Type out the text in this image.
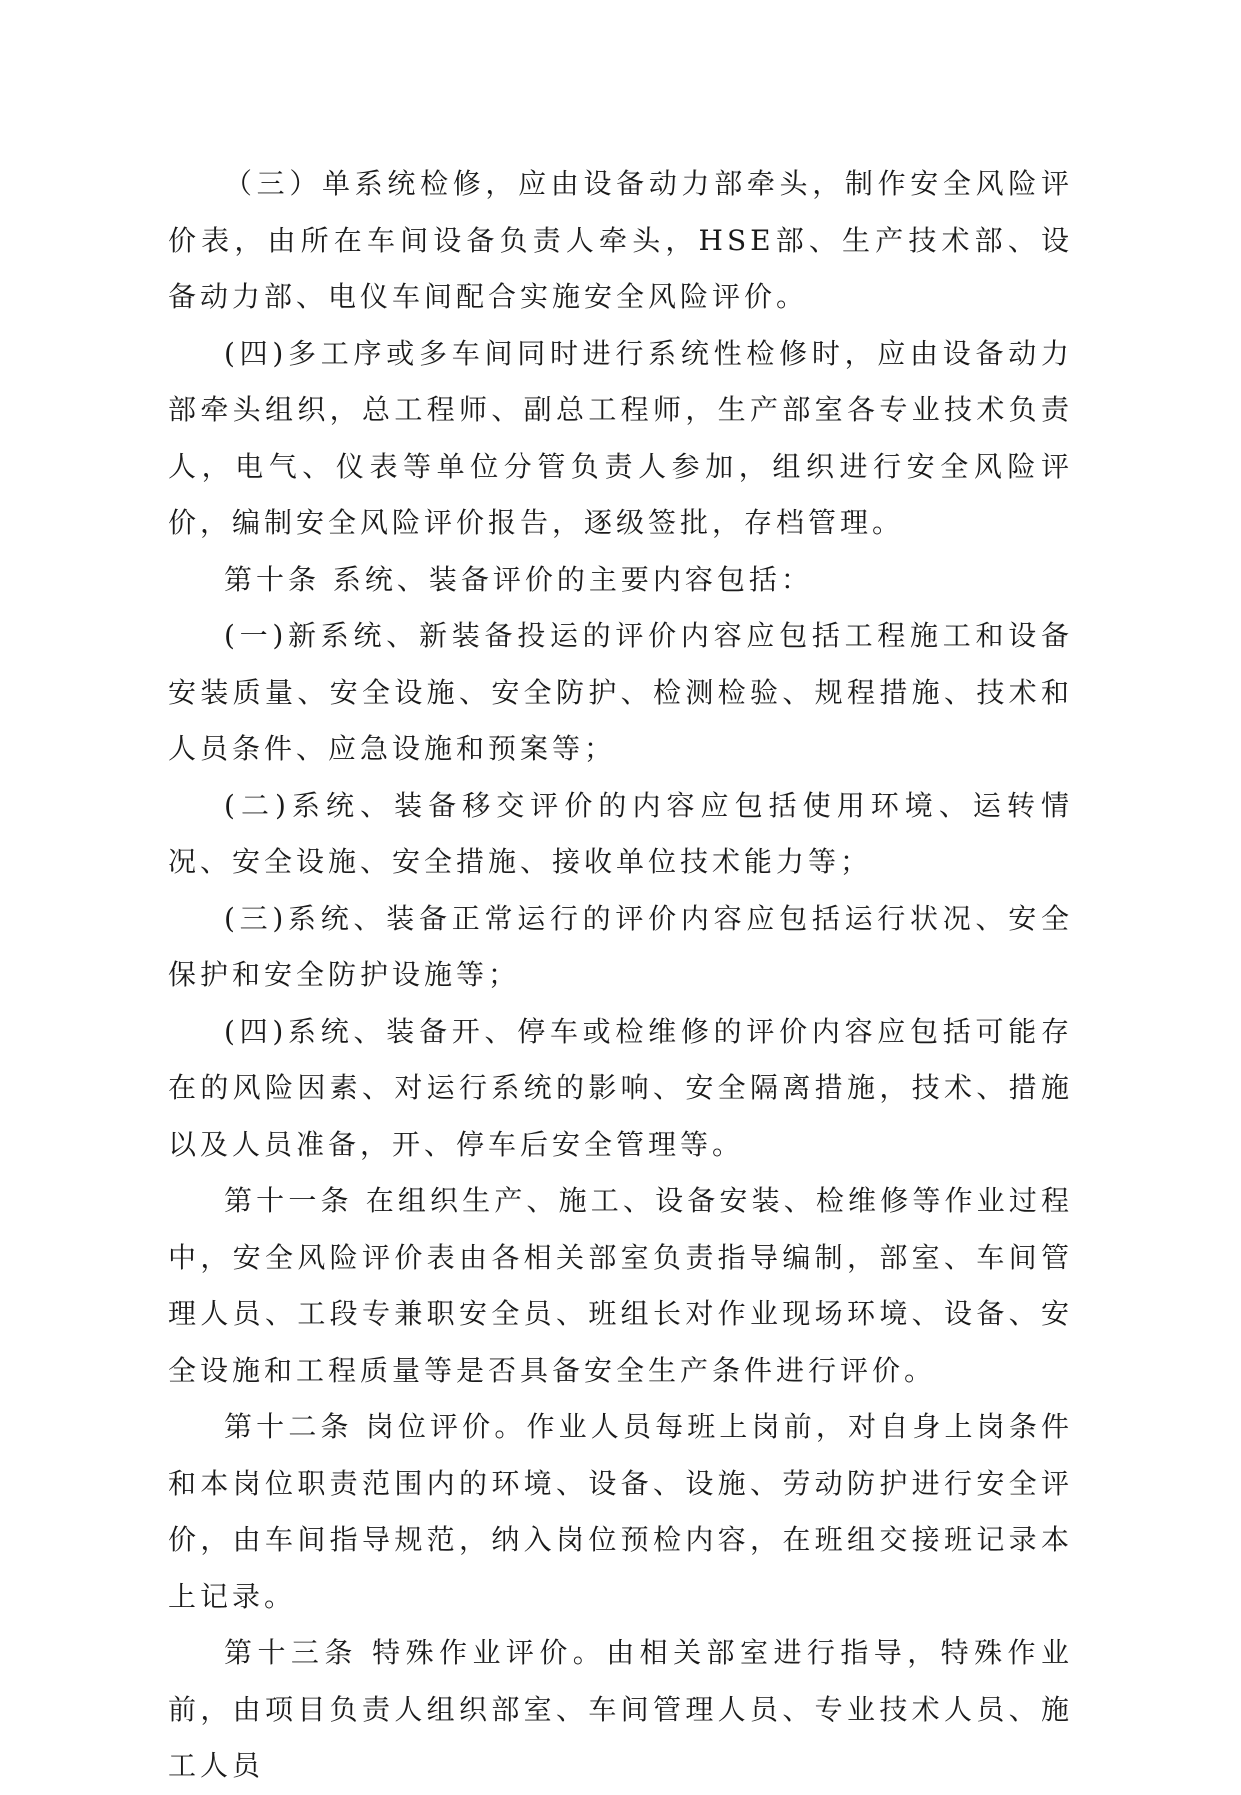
（三）单系统检修，应由设备动力部牵头，制作安全风险评价表，由所在车间设备负责人牵头，HSE部、生产技术部、设备动力部、电仪车间配合实施安全风险评价。

(四)多工序或多车间同时进行系统性检修时，应由设备动力部牵头组织，总工程师、副总工程师，生产部室各专业技术负责人，电气、仪表等单位分管负责人参加，组织进行安全风险评价，编制安全风险评价报告，逐级签批，存档管理。

第十条 系统、装备评价的主要内容包括：

(一)新系统、新装备投运的评价内容应包括工程施工和设备安装质量、安全设施、安全防护、检测检验、规程措施、技术和人员条件、应急设施和预案等；

(二)系统、装备移交评价的内容应包括使用环境、运转情况、安全设施、安全措施、接收单位技术能力等；

(三)系统、装备正常运行的评价内容应包括运行状况、安全保护和安全防护设施等；

(四)系统、装备开、停车或检维修的评价内容应包括可能存在的风险因素、对运行系统的影响、安全隔离措施，技术、措施以及人员准备，开、停车后安全管理等。

第十一条 在组织生产、施工、设备安装、检维修等作业过程中，安全风险评价表由各相关部室负责指导编制，部室、车间管理人员、工段专兼职安全员、班组长对作业现场环境、设备、安全设施和工程质量等是否具备安全生产条件进行评价。

第十二条 岗位评价。作业人员每班上岗前，对自身上岗条件和本岗位职责范围内的环境、设备、设施、劳动防护进行安全评价，由车间指导规范，纳入岗位预检内容，在班组交接班记录本上记录。

第十三条 特殊作业评价。由相关部室进行指导，特殊作业前，由项目负责人组织部室、车间管理人员、专业技术人员、施工人员
